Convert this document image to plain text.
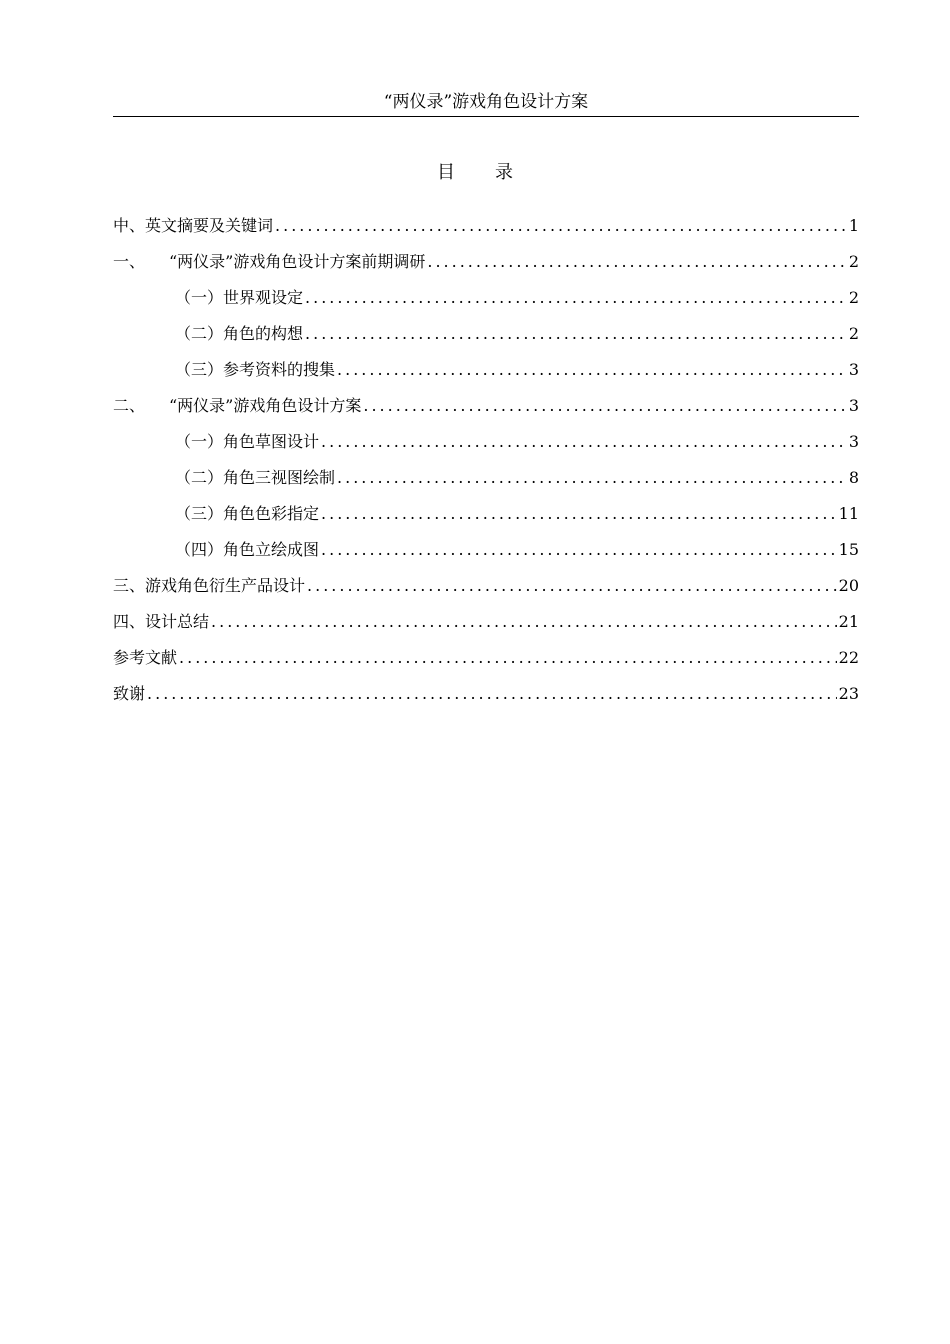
“两仪录”游戏角色设计方案
目录
中、英文摘要及关键词 .....	1
一、 “两仪录”游戏角色设计方案前期调研 .....	2
（一）世界观设定 .....	2
（二）角色的构想 .....	2
（三）参考资料的搜集 .....	3
二、 “两仪录”游戏角色设计方案 .....	3
（一）角色草图设计 .....	3
（二）角色三视图绘制 .....	8
（三）角色色彩指定 .....	11
（四）角色立绘成图 .....	15
三、游戏角色衍生产品设计 .....	20
四、设计总结 .....	21
参考文献 .....	22
致谢 .....	23
